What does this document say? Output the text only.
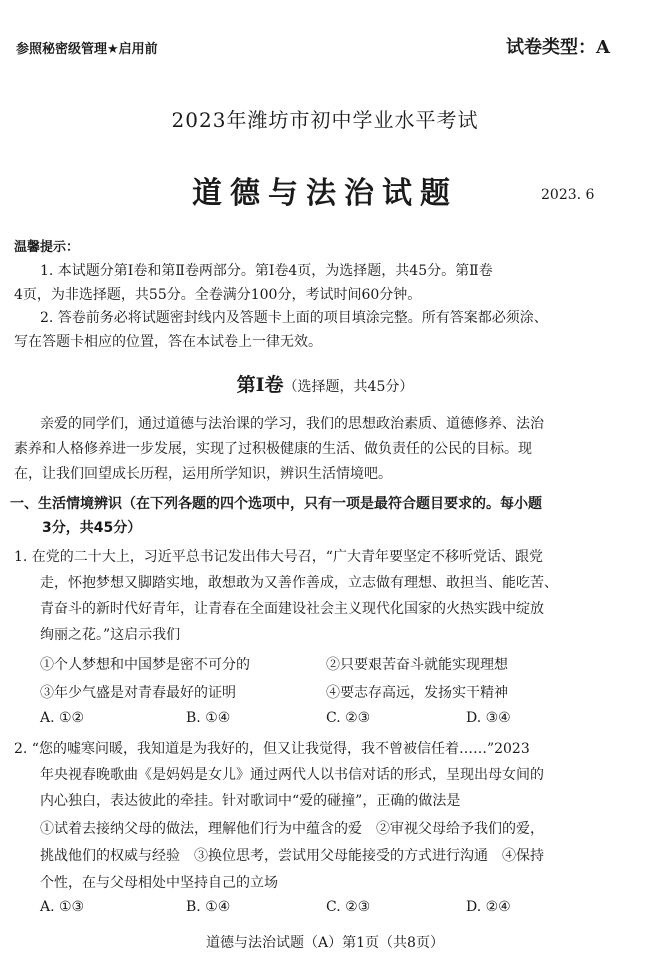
参照秘密级管理★启用前	试卷类型：A
2023年潍坊市初中学业水平考试
道德与法治试题	2023. 6
温馨提示：
1. 本试题分第Ⅰ卷和第Ⅱ卷两部分。第Ⅰ卷4页，为选择题，共45分。第Ⅱ卷
4页，为非选择题，共55分。全卷满分100分，考试时间60分钟。
2. 答卷前务必将试题密封线内及答题卡上面的项目填涂完整。所有答案都必须涂、
写在答题卡相应的位置，答在本试卷上一律无效。
第Ⅰ卷（选择题，共45分）
亲爱的同学们，通过道德与法治课的学习，我们的思想政治素质、道德修养、法治
素养和人格修养进一步发展，实现了过积极健康的生活、做负责任的公民的目标。现
在，让我们回望成长历程，运用所学知识，辨识生活情境吧。
一、生活情境辨识（在下列各题的四个选项中，只有一项是最符合题目要求的。每小题
3分，共45分）
1. 在党的二十大上，习近平总书记发出伟大号召，“广大青年要坚定不移听党话、跟党
走，怀抱梦想又脚踏实地，敢想敢为又善作善成，立志做有理想、敢担当、能吃苦、
青奋斗的新时代好青年，让青春在全面建设社会主义现代化国家的火热实践中绽放
绚丽之花。”这启示我们
①个人梦想和中国梦是密不可分的	②只要艰苦奋斗就能实现理想
③年少气盛是对青春最好的证明	④要志存高远，发扬实干精神
A. ①②	B. ①④	C. ②③	D. ③④
2. “您的嘘寒问暖，我知道是为我好的，但又让我觉得，我不曾被信任着……”2023
年央视春晚歌曲《是妈妈是女儿》通过两代人以书信对话的形式，呈现出母女间的
内心独白，表达彼此的牵挂。针对歌词中“爱的碰撞”，正确的做法是
①试着去接纳父母的做法，理解他们行为中蕴含的爱　②审视父母给予我们的爱，
挑战他们的权威与经验　③换位思考，尝试用父母能接受的方式进行沟通　④保持
个性，在与父母相处中坚持自己的立场
A. ①③	B. ①④	C. ②③	D. ②④
道德与法治试题（A）第1页（共8页）
